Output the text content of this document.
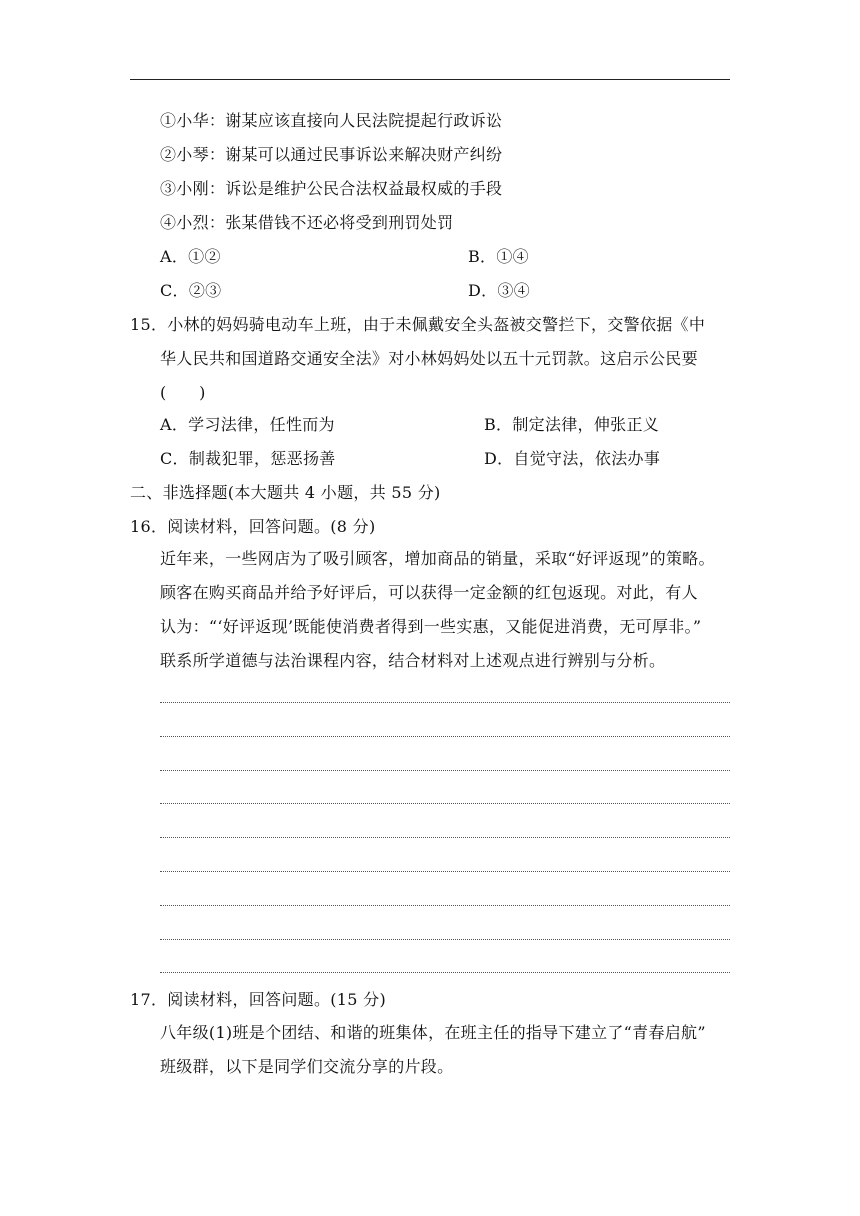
①小华：谢某应该直接向人民法院提起行政诉讼
②小琴：谢某可以通过民事诉讼来解决财产纠纷
③小刚：诉讼是维护公民合法权益最权威的手段
④小烈：张某借钱不还必将受到刑罚处罚
A．①②	B．①④
C．②③	D．③④
15．小林的妈妈骑电动车上班，由于未佩戴安全头盔被交警拦下，交警依据《中
华人民共和国道路交通安全法》对小林妈妈处以五十元罚款。这启示公民要
(　　)
A．学习法律，任性而为	B．制定法律，伸张正义
C．制裁犯罪，惩恶扬善	D．自觉守法，依法办事
二、非选择题(本大题共 4 小题，共 55 分)
16．阅读材料，回答问题。(8 分)
近年来，一些网店为了吸引顾客，增加商品的销量，采取“好评返现”的策略。
顾客在购买商品并给予好评后，可以获得一定金额的红包返现。对此，有人
认为：“‘好评返现’既能使消费者得到一些实惠，又能促进消费，无可厚非。”
联系所学道德与法治课程内容，结合材料对上述观点进行辨别与分析。
17．阅读材料，回答问题。(15 分)
八年级(1)班是个团结、和谐的班集体，在班主任的指导下建立了“青春启航”
班级群，以下是同学们交流分享的片段。
